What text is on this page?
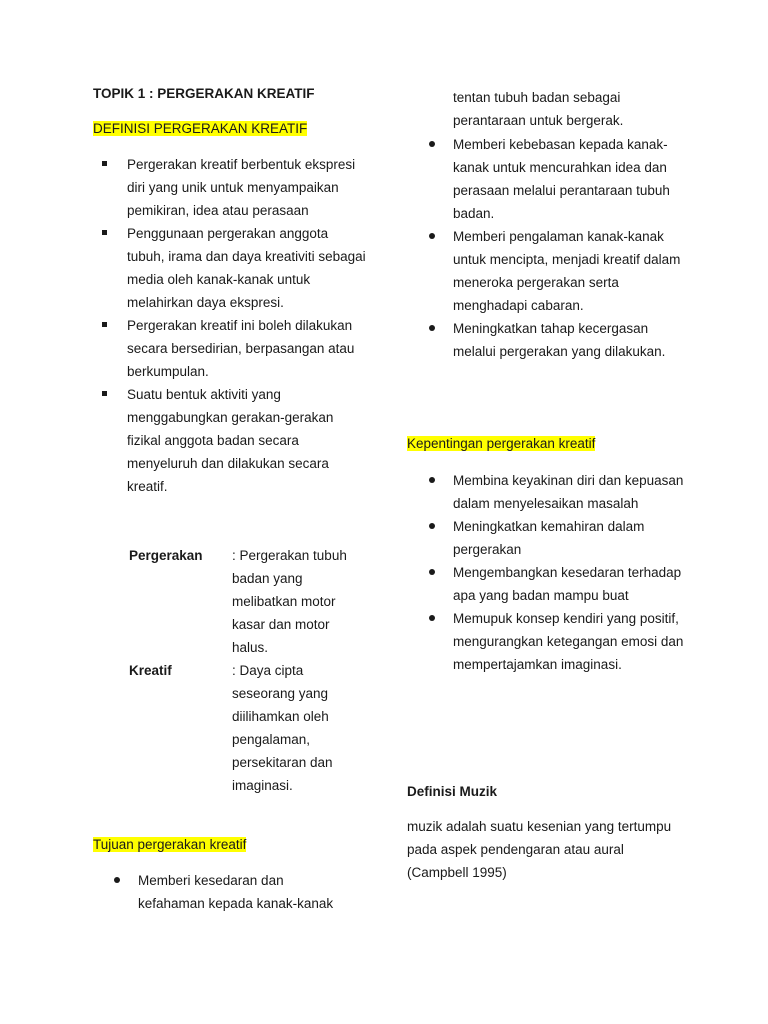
TOPIK 1 : PERGERAKAN KREATIF
DEFINISI PERGERAKAN KREATIF
Pergerakan kreatif berbentuk ekspresi diri yang unik untuk menyampaikan pemikiran, idea atau perasaan
Penggunaan pergerakan anggota tubuh, irama dan daya kreativiti sebagai media oleh kanak-kanak untuk melahirkan daya ekspresi.
Pergerakan kreatif ini boleh dilakukan secara bersedirian, berpasangan atau berkumpulan.
Suatu bentuk aktiviti yang menggabungkan gerakan-gerakan fizikal anggota badan secara menyeluruh dan dilakukan secara kreatif.
Pergerakan : Pergerakan tubuh badan yang melibatkan motor kasar dan motor halus.
Kreatif	: Daya cipta seseorang yang diilihamkan oleh pengalaman, persekitaran dan imaginasi.
Tujuan pergerakan kreatif
Memberi kesedaran dan kefahaman kepada kanak-kanak
tentan tubuh badan sebagai perantaraan untuk bergerak.
Memberi kebebasan kepada kanak-kanak untuk mencurahkan idea dan perasaan melalui perantaraan tubuh badan.
Memberi pengalaman kanak-kanak untuk mencipta, menjadi kreatif dalam meneroka pergerakan serta menghadapi cabaran.
Meningkatkan tahap kecergasan melalui pergerakan yang dilakukan.
Kepentingan pergerakan kreatif
Membina keyakinan diri dan kepuasan dalam menyelesaikan masalah
Meningkatkan kemahiran dalam pergerakan
Mengembangkan kesedaran terhadap apa yang badan mampu buat
Memupuk konsep kendiri yang positif, mengurangkan ketegangan emosi dan mempertajamkan imaginasi.
Definisi Muzik
muzik adalah suatu kesenian yang tertumpu pada aspek pendengaran atau aural (Campbell 1995)
